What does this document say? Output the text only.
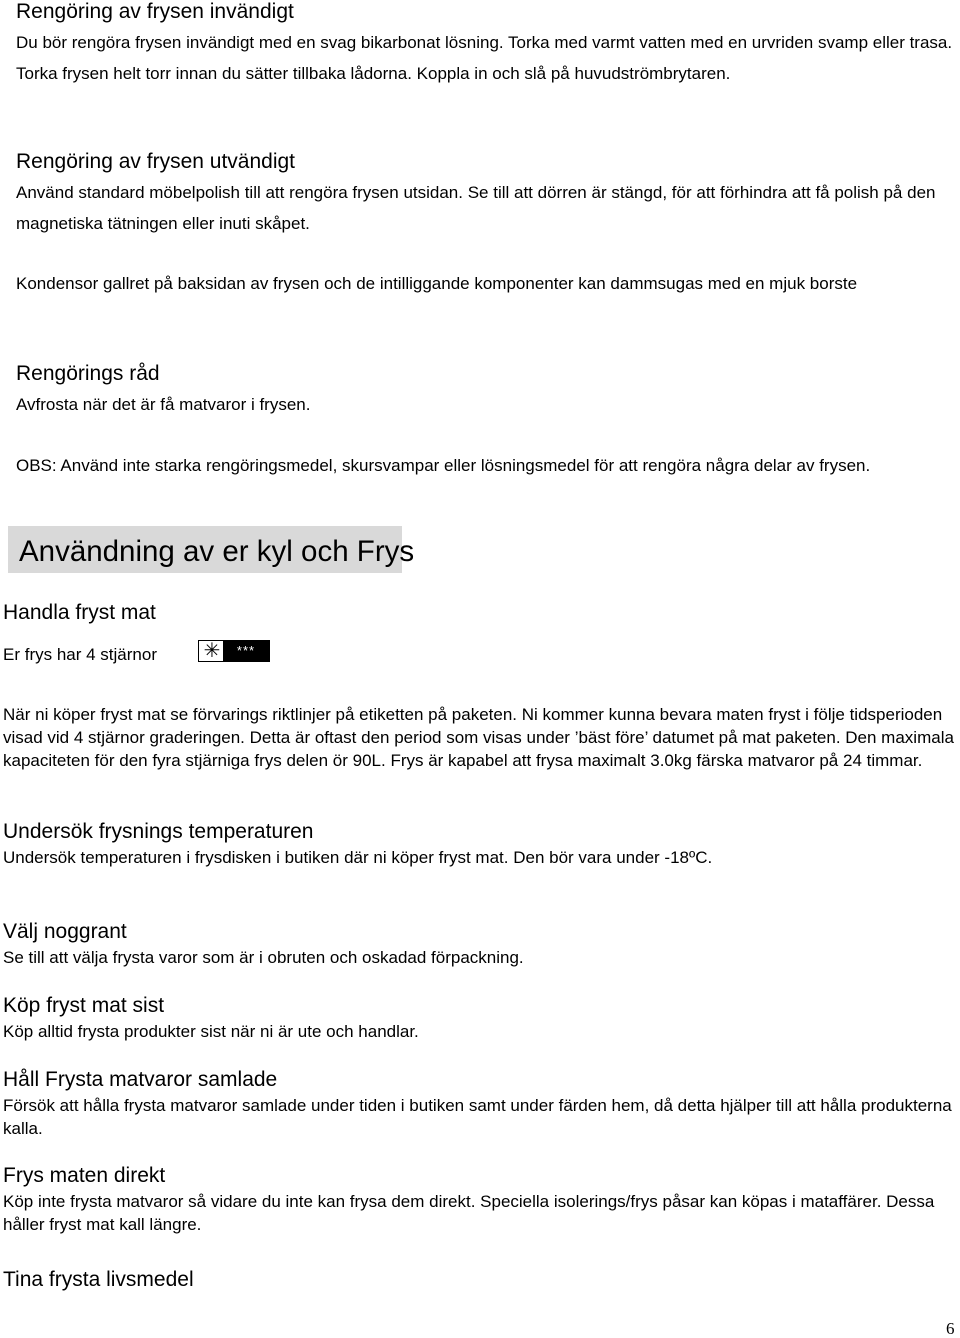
Rengöring av frysen invändigt

Du bör rengöra frysen invändigt med en svag bikarbonat lösning. Torka med varmt vatten med en urvriden svamp eller trasa. Torka frysen helt torr innan du sätter tillbaka lådorna. Koppla in och slå på huvudströmbrytaren.

Rengöring av frysen utvändigt

Använd standard möbelpolish till att rengöra frysen utsidan. Se till att dörren är stängd, för att förhindra att få polish på den magnetiska tätningen eller inuti skåpet.

Kondensor gallret på baksidan av frysen och de intilliggande komponenter kan dammsugas med en mjuk borste

Rengörings råd

Avfrosta när det är få matvaror i frysen.

OBS: Använd inte starka rengöringsmedel, skursvampar eller lösningsmedel för att rengöra några delar av frysen.

Användning av er kyl och Frys
Handla fryst mat
Er frys har 4 stjärnor ✳	***

När ni köper fryst mat se förvarings riktlinjer på etiketten på paketen. Ni kommer kunna bevara maten fryst i följe tidsperioden visad vid 4 stjärnor graderingen. Detta är oftast den period som visas under ’bäst före’ datumet på mat paketen. Den maximala kapaciteten för den fyra stjärniga frys delen ör 90L. Frys är kapabel att frysa maximalt 3.0kg färska matvaror på 24 timmar.

Undersök frysnings temperaturen

Undersök temperaturen i frysdisken i butiken där ni köper fryst mat. Den bör vara under -18ºC.

Välj noggrant

Se till att välja frysta varor som är i obruten och oskadad förpackning.

Köp fryst mat sist

Köp alltid frysta produkter sist när ni är ute och handlar.

Håll Frysta matvaror samlade

Försök att hålla frysta matvaror samlade under tiden i butiken samt under färden hem, då detta hjälper till att hålla produkterna kalla.

Frys maten direkt

Köp inte frysta matvaror så vidare du inte kan frysa dem direkt. Speciella isolerings/frys påsar kan köpas i mataffärer. Dessa håller fryst mat kall längre.

Tina frysta livsmedel
6
